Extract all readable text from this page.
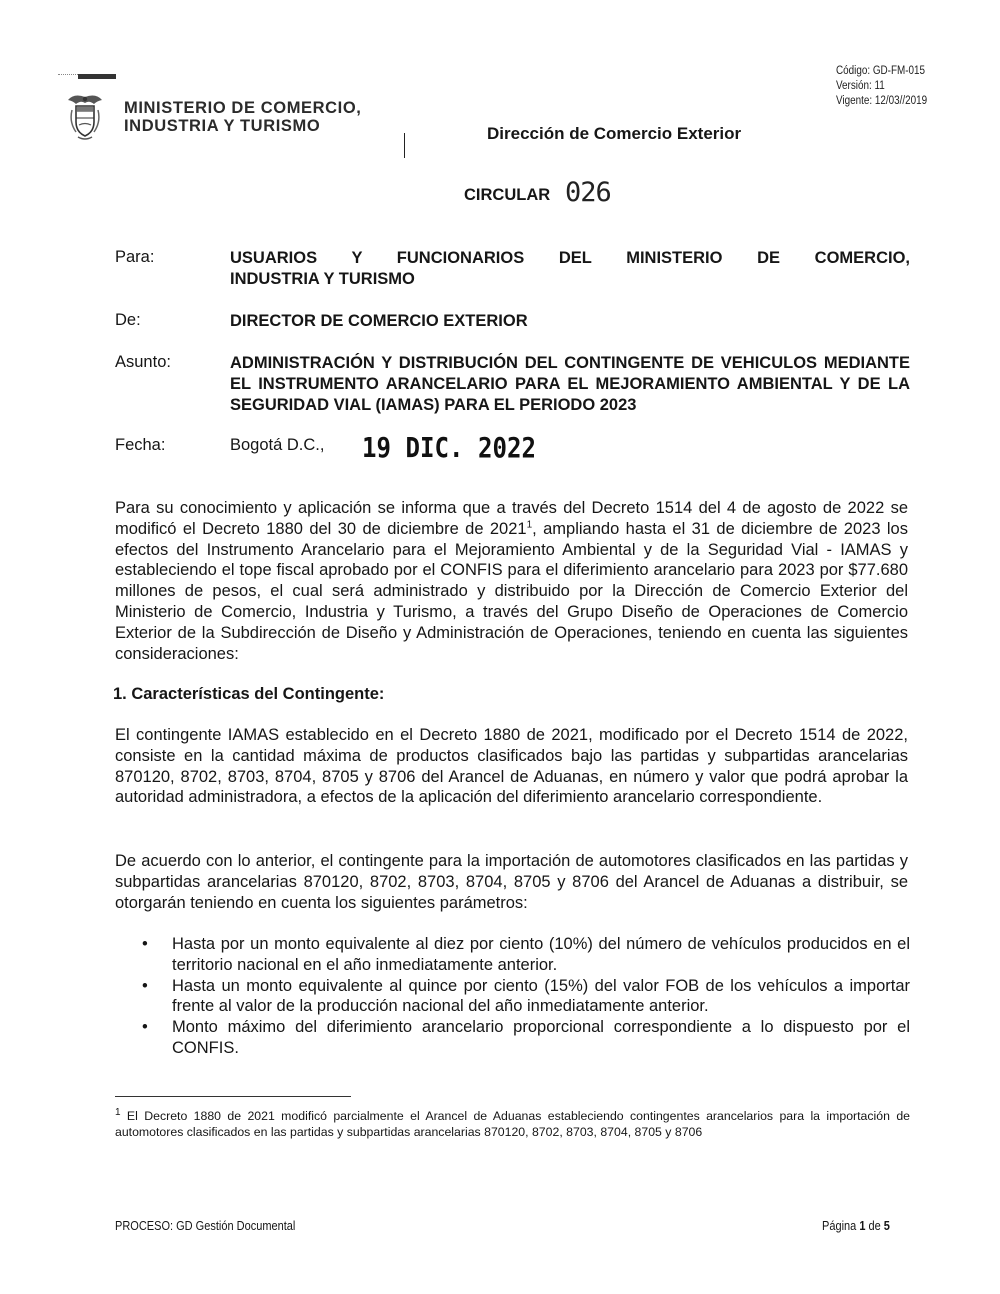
Código: GD-FM-015
Versión: 11
Vigente: 12/03//2019
MINISTERIO DE COMERCIO,
INDUSTRIA Y TURISMO	Dirección de Comercio Exterior
CIRCULAR 026
Para:	USUARIOS Y FUNCIONARIOS DEL MINISTERIO DE COMERCIO,
INDUSTRIA Y TURISMO
De:	DIRECTOR DE COMERCIO EXTERIOR
Asunto:	ADMINISTRACIÓN Y DISTRIBUCIÓN DEL CONTINGENTE DE VEHICULOS MEDIANTE EL INSTRUMENTO ARANCELARIO PARA EL MEJORAMIENTO AMBIENTAL Y DE LA SEGURIDAD VIAL (IAMAS) PARA EL PERIODO 2023
Fecha:	Bogotá D.C., 19 DIC. 2022
Para su conocimiento y aplicación se informa que a través del Decreto 1514 del 4 de agosto de 2022 se modificó el Decreto 1880 del 30 de diciembre de 2021$^1$, ampliando hasta el 31 de diciembre de 2023 los efectos del Instrumento Arancelario para el Mejoramiento Ambiental y de la Seguridad Vial - IAMAS y estableciendo el tope fiscal aprobado por el CONFIS para el diferimiento arancelario para 2023 por $77.680 millones de pesos, el cual será administrado y distribuido por la Dirección de Comercio Exterior del Ministerio de Comercio, Industria y Turismo, a través del Grupo Diseño de Operaciones de Comercio Exterior de la Subdirección de Diseño y Administración de Operaciones, teniendo en cuenta las siguientes consideraciones:
1. Características del Contingente:
El contingente IAMAS establecido en el Decreto 1880 de 2021, modificado por el Decreto 1514 de 2022, consiste en la cantidad máxima de productos clasificados bajo las partidas y subpartidas arancelarias 870120, 8702, 8703, 8704, 8705 y 8706 del Arancel de Aduanas, en número y valor que podrá aprobar la autoridad administradora, a efectos de la aplicación del diferimiento arancelario correspondiente.
De acuerdo con lo anterior, el contingente para la importación de automotores clasificados en las partidas y subpartidas arancelarias 870120, 8702, 8703, 8704, 8705 y 8706 del Arancel de Aduanas a distribuir, se otorgarán teniendo en cuenta los siguientes parámetros:
• Hasta por un monto equivalente al diez por ciento (10%) del número de vehículos producidos en el territorio nacional en el año inmediatamente anterior.
• Hasta un monto equivalente al quince por ciento (15%) del valor FOB de los vehículos a importar frente al valor de la producción nacional del año inmediatamente anterior.
• Monto máximo del diferimiento arancelario proporcional correspondiente a lo dispuesto por el CONFIS.
$^1$ El Decreto 1880 de 2021 modificó parcialmente el Arancel de Aduanas estableciendo contingentes arancelarios para la importación de automotores clasificados en las partidas y subpartidas arancelarias 870120, 8702, 8703, 8704, 8705 y 8706
PROCESO: GD Gestión Documental	Página 1 de 5
